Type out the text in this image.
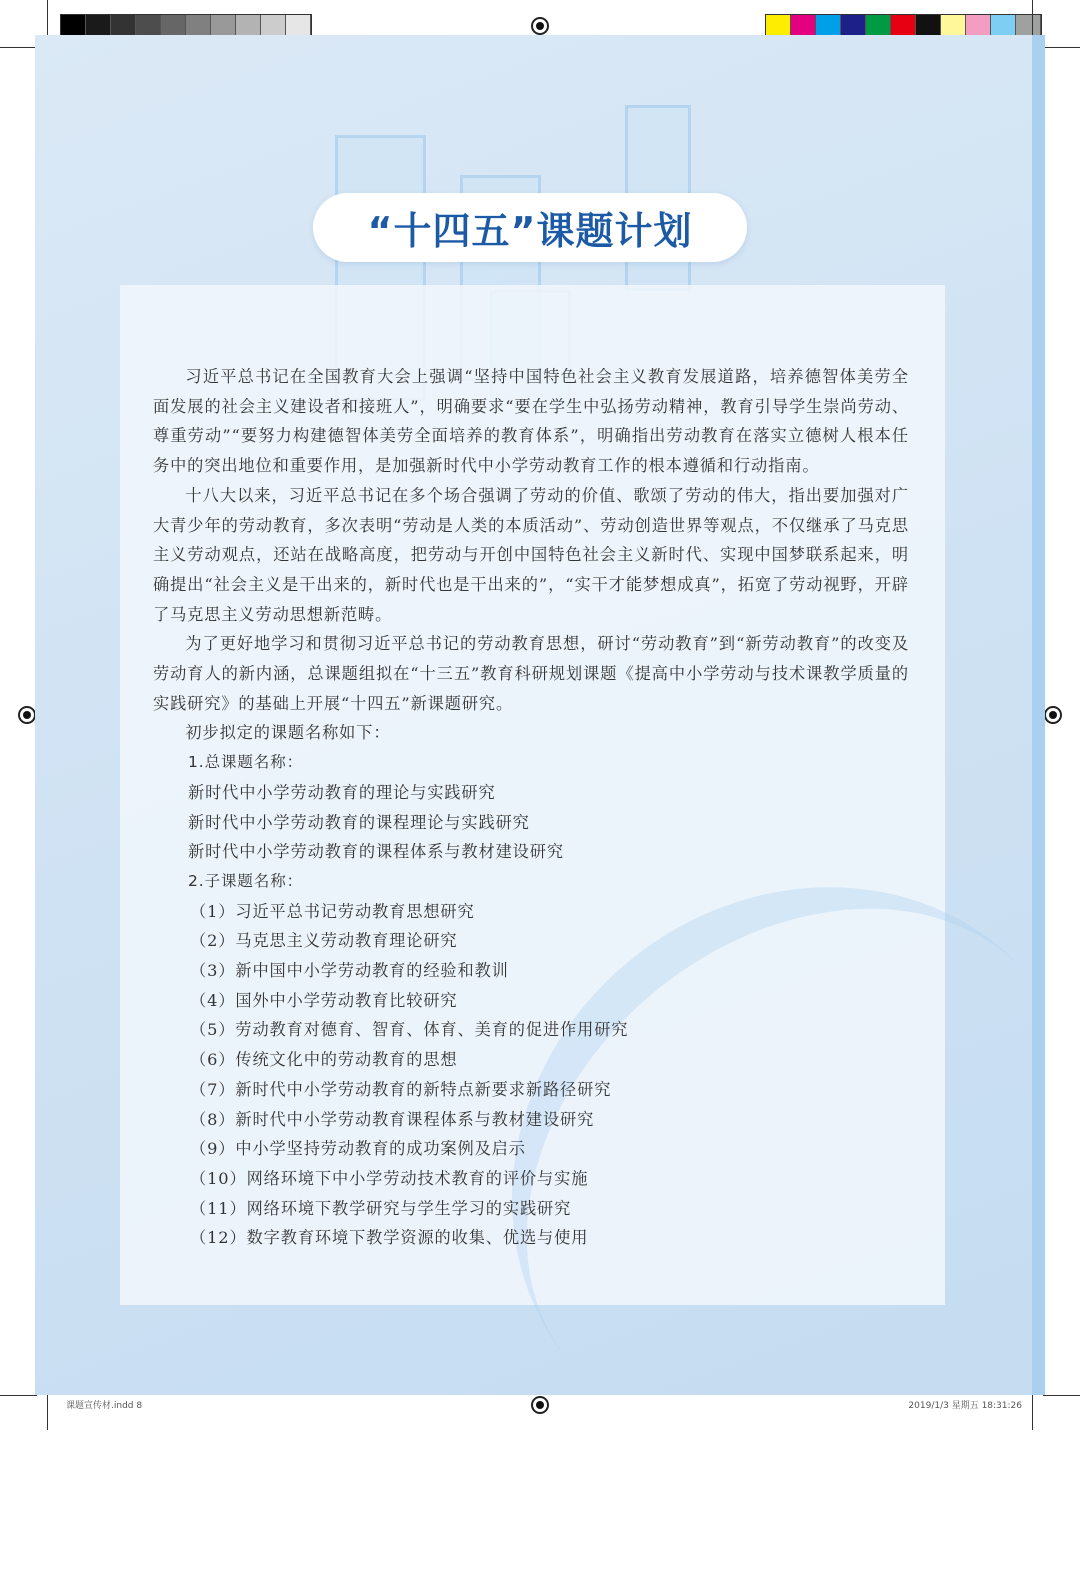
“十四五”课题计划

习近平总书记在全国教育大会上强调“坚持中国特色社会主义教育发展道路，培养德智体美劳全面发展的社会主义建设者和接班人”，明确要求“要在学生中弘扬劳动精神，教育引导学生崇尚劳动、尊重劳动”“要努力构建德智体美劳全面培养的教育体系”，明确指出劳动教育在落实立德树人根本任务中的突出地位和重要作用，是加强新时代中小学劳动教育工作的根本遵循和行动指南。

十八大以来，习近平总书记在多个场合强调了劳动的价值、歌颂了劳动的伟大，指出要加强对广大青少年的劳动教育，多次表明“劳动是人类的本质活动”、劳动创造世界等观点，不仅继承了马克思主义劳动观点，还站在战略高度，把劳动与开创中国特色社会主义新时代、实现中国梦联系起来，明确提出“社会主义是干出来的，新时代也是干出来的”，“实干才能梦想成真”，拓宽了劳动视野，开辟了马克思主义劳动思想新范畴。

为了更好地学习和贯彻习近平总书记的劳动教育思想，研讨“劳动教育”到“新劳动教育”的改变及劳动育人的新内涵，总课题组拟在“十三五”教育科研规划课题《提高中小学劳动与技术课教学质量的实践研究》的基础上开展“十四五”新课题研究。

初步拟定的课题名称如下：

1.总课题名称：

新时代中小学劳动教育的理论与实践研究

新时代中小学劳动教育的课程理论与实践研究

新时代中小学劳动教育的课程体系与教材建设研究

2.子课题名称：

（1）习近平总书记劳动教育思想研究

（2）马克思主义劳动教育理论研究

（3）新中国中小学劳动教育的经验和教训

（4）国外中小学劳动教育比较研究

（5）劳动教育对德育、智育、体育、美育的促进作用研究

（6）传统文化中的劳动教育的思想

（7）新时代中小学劳动教育的新特点新要求新路径研究

（8）新时代中小学劳动教育课程体系与教材建设研究

（9）中小学坚持劳动教育的成功案例及启示

（10）网络环境下中小学劳动技术教育的评价与实施

（11）网络环境下教学研究与学生学习的实践研究

（12）数字教育环境下教学资源的收集、优选与使用

课题宣传材.indd 8	2019/1/3 星期五 18:31:26
